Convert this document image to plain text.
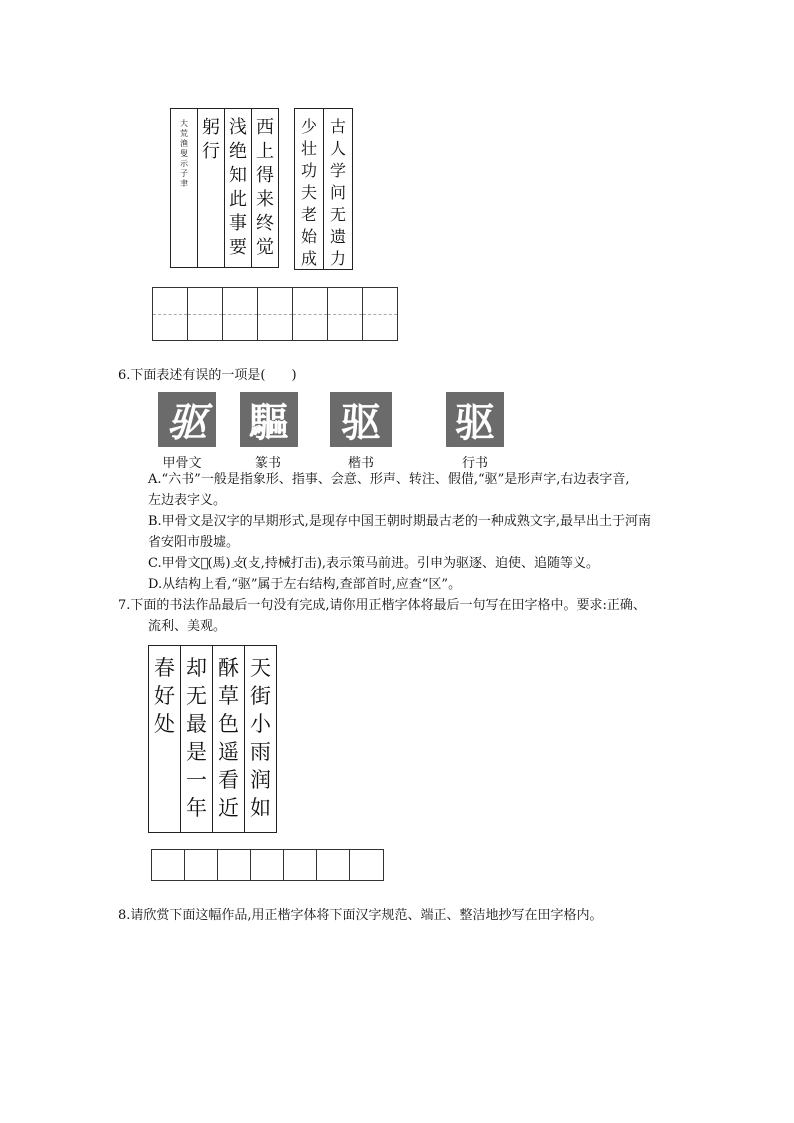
西
上
得
来
终
觉
浅
绝
知
此
事
要
躬
行
大
荒
渔
叟
示
子
聿
古
人
学
问
无
遗
力
少
壮
功
夫
老
始
成
6.下面表述有误的一项是(　　)
驱 驅 驱 驱
甲骨文	篆书	楷书	行书
A.“六书”一般是指象形、指事、会意、形声、转注、假借,“驱”是形声字,右边表字音,
左边表字义。
B.甲骨文是汉字的早期形式,是现存中国王朝时期最古老的一种成熟文字,最早出土于河南
省安阳市殷墟。
C.甲骨文𫠓(馬)攴(攴,持械打击),表示策马前进。引申为驱逐、迫使、追随等义。
D.从结构上看,“驱”属于左右结构,查部首时,应查“区”。
7.下面的书法作品最后一句没有完成,请你用正楷字体将最后一句写在田字格中。要求:正确、
流利、美观。
天
街
小
雨
润
如
酥
草
色
遥
看
近
却
无
最
是
一
年
春
好
处
8.请欣赏下面这幅作品,用正楷字体将下面汉字规范、端正、整洁地抄写在田字格内。
